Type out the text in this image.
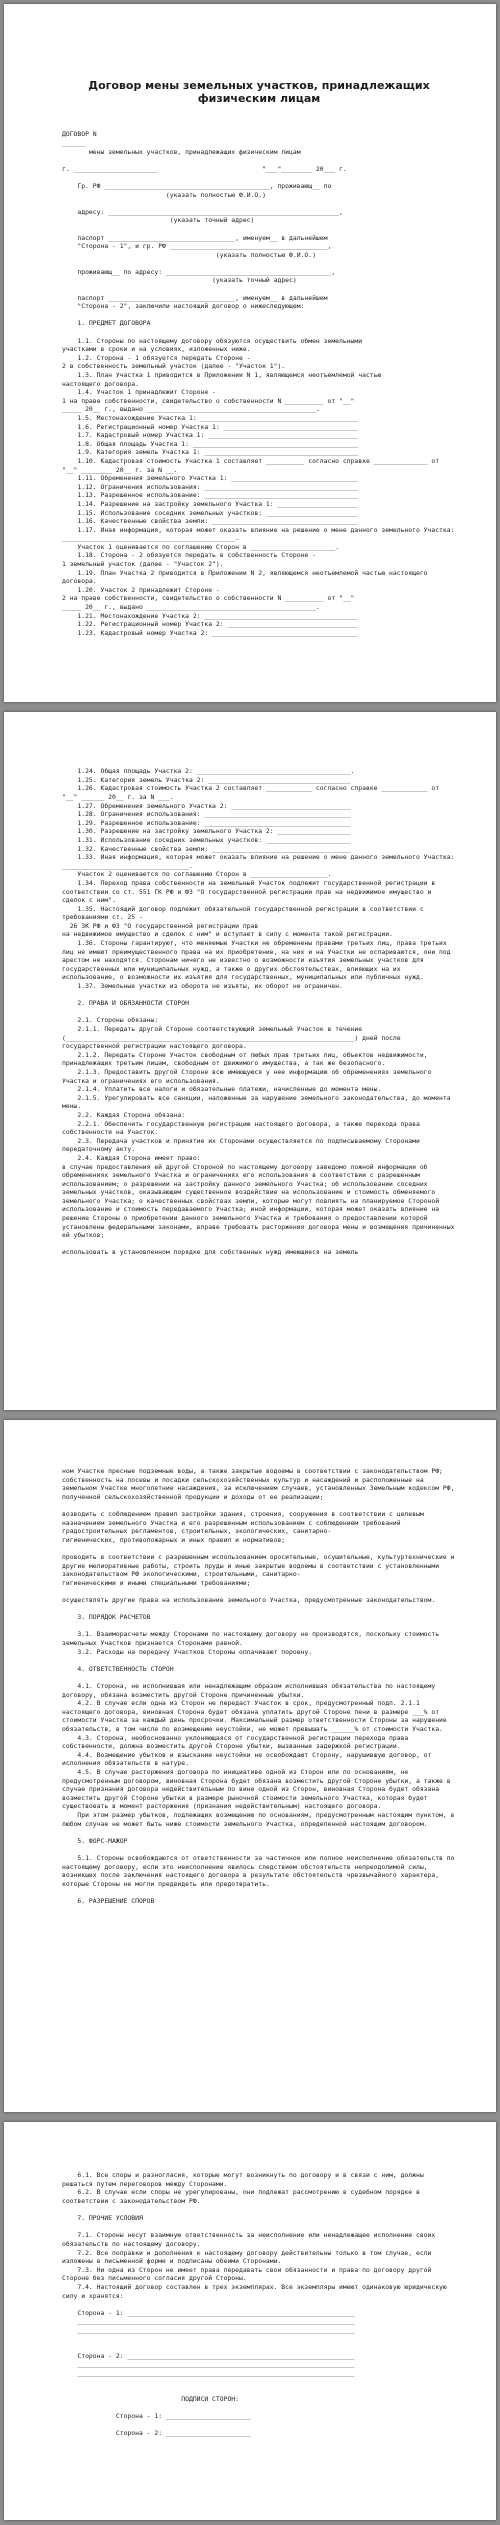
Договор мены земельных участков, принадлежащих физическим лицам

ДОГОВОР N
______
мены земельных участков, принадлежащих физическим лицам
г. ______________________                           "___"________ 20___ г.
Гр. РФ ___________________________________________, проживающ__ по
(указать полностью Ф.И.О.)
адресу: ____________________________________________________________,
(указать точный адрес)
паспорт _________________________________, именуем__ в дальнейшем
"Сторона - 1", и гр. РФ _________________________________________,
(указать полностью Ф.И.О.)
проживающ__ по адресу: ___________________________________________,
(указать точный адрес)
паспорт _________________________________, именуем__ в дальнейшем
"Сторона - 2", заключили настоящий договор о нижеследующем:
1. ПРЕДМЕТ ДОГОВОРА
1.1. Стороны по настоящему договору обязуются осуществить обмен земельными
участками в сроки и на условиях, изложенных ниже.
1.2. Сторона - 1 обязуется передать Стороне -
2 в собственность земельный участок (далее - "Участок 1").
1.3. План Участка 1 приводится в Приложении N 1, являющемся неотъемлемой частью
настоящего договора.
1.4. Участок 1 принадлежит Стороне -
1 на праве собственности, свидетельство о собственности N __________ от "__"
_____ 20__ г., выдано ____________________________________________.
1.5. Местонахождение Участка 1: _________________________________________
1.6. Регистрационный номер Участка 1: ___________________________________
1.7. Кадастровый номер Участка 1: _______________________________________
1.8. Общая площадь Участка 1: ___________________________________________
1.9. Категория земель Участка 1: ________________________________________
1.10. Кадастровая стоимость Участка 1 составляет __________ согласно справке ______________ от "__" ________ 20__ г. за N __.
1.11. Обременения земельного Участка 1: _________________________________
1.12. Ограничения использования: ________________________________________
1.13. Разрешенное использование: ________________________________________
1.14. Разрешение на застройку земельного Участка 1: _____________________
1.15. Использование соседних земельных участков: ________________________
1.16. Качественные свойства земли: ______________________________________
1.17. Иная информация, которая может оказать влияние на решение о мене данного земельного Участка: _____________________________________________.
Участок 1 оценивается по соглашению Сторон в ______________________.
1.18. Сторона - 2 обязуется передать в собственность Стороне -
1 земельный участок (далее - "Участок 2").
1.19. План Участка 2 приводится в Приложении N 2, являющемся неотъемлемой частью настоящего договора.
1.20. Участок 2 принадлежит Стороне -
2 на праве собственности, свидетельство о собственности N __________ от "__"
_____ 20__ г., выдано ____________________________________________.
1.21. Местонахождение Участка 2: ________________________________________
1.22. Регистрационный номер Участка 2: __________________________________
1.23. Кадастровый номер Участка 2: ______________________________________

1.24. Общая площадь Участка 2: ________________________________________.
1.25. Категория земель Участка 2: _____________________________________
1.26. Кадастровая стоимость Участка 2 составляет ____________ согласно справке ____________ от "__" ______ 20__ г. за N ___.
1.27. Обременения земельного Участка 2: _______________________________
1.28. Ограничения использования: ______________________________________
1.29. Разрешенное использование: ______________________________________
1.30. Разрешение на застройку земельного Участка 2: ___________________
1.31. Использование соседних земельных участков: ______________________
1.32. Качественные свойства земли: ____________________________________
1.33. Иная информация, которая может оказать влияние на решение о мене данного земельного Участка: _________________________________.
Участок 2 оценивается по соглашению Сторон в ____________________.
1.34. Переход права собственности на земельный Участок подлежит государственной регистрации в соответствии со ст. 551 ГК РФ и ФЗ "О государственной регистрации прав на недвижимое имущество и сделок с ним".
1.35. Настоящий договор подлежит обязательной государственной регистрации в соответствии с требованиями ст. 25 -
26 ЗК РФ и ФЗ "О государственной регистрации прав
на недвижимое имущество и сделок с ним" и вступает в силу с момента такой регистрации.
1.36. Стороны гарантируют, что меняемые Участки не обременены правами третьих лиц, права третьих лиц не имеют преимущественного права на их приобретение, на них и на Участки не оспариваются, они под арестом не находятся. Сторонам ничего не известно о возможности изъятия земельных участков для государственных или муниципальных нужд, а также о других обстоятельствах, влияющих на их использование, о возможности их изъятия для государственных, муниципальных или публичных нужд.
1.37. Земельные участки из оборота не изъяты, их оборот не ограничен.
2. ПРАВА И ОБЯЗАННОСТИ СТОРОН
2.1. Стороны обязаны:
2.1.1. Передать другой Стороне соответствующий земельный Участок в течение (___________________________________________________________________________) дней после государственной регистрации настоящего договора.
2.1.2. Передать Стороне Участок свободным от любых прав третьих лиц, объектов недвижимости, принадлежащих третьим лицам, свободным от движимого имущества, а так же безопасного.
2.1.3. Предоставить другой Стороне всю имеющуюся у нее информацию об обременениях земельного Участка и ограничениях его использования.
2.1.4. Уплатить все налоги и обязательные платежи, начисленные до момента мены.
2.1.5. Урегулировать все санкции, наложенные за нарушение земельного законодательства, до момента мены.
2.2. Каждая Сторона обязана:
2.2.1. Обеспечить государственную регистрацию настоящего договора, а также перехода права собственности на Участок.
2.3. Передача участков и принятие их Сторонами осуществляется по подписываемому Сторонами передаточному акту.
2.4. Каждая Сторона имеет право:
в случае предоставления ей другой Стороной по настоящему договору заведомо ложной информации об обременениях земельного Участка и ограничениях его использования в соответствии с разрешенным использованием; о разрешении на застройку данного земельного Участка; об использовании соседних земельных участков, оказывающем существенное воздействие на использование и стоимость обменяемого земельного Участка; о качественных свойствах земли, которые могут повлиять на планируемое Стороной использование и стоимость передаваемого Участка; иной информации, которая может оказать влияние на решение Стороны о приобретении данного земельного Участка и требования о предоставлении которой установлены федеральными законами, вправе требовать расторжения договора мены и возмещения причиненных ей убытков;
использовать в установленном порядке для собственных нужд имеющиеся на земель

ном Участке пресные подземные воды, а также закрытые водоемы в соответствии с законодательством РФ;
собственность на посевы и посадки сельскохозяйственных культур и насаждений и расположенные на земельном Участке многолетние насаждения, за исключением случаев, установленных Земельным кодексом РФ, полученной сельскохозяйственной продукции и доходы от ее реализации;
возводить с соблюдением правил застройки здания, строения, сооружения в соответствии с целевым назначением земельного Участка и его разрешенным использованием с соблюдением требований градостроительных регламентов, строительных, экологических, санитарно-
гигиенических, противопожарных и иных правил и нормативов;
проводить в соответствии с разрешенным использованием оросительные, осушительные, культуртехнические и другие мелиоративные работы, строить пруды и иные закрытые водоемы в соответствии с установленными законодательством РФ экологическими, строительными, санитарно-
гигиеническими и иными специальными требованиями;
осуществлять другие права на использование земельного Участка, предусмотренные законодательством.
3. ПОРЯДОК РАСЧЕТОВ
3.1. Взаиморасчеты между Сторонами по настоящему договору не производятся, поскольку стоимость земельных Участков признается Сторонами равной.
3.2. Расходы на передачу Участков Стороны оплачивают поровну.
4. ОТВЕТСТВЕННОСТЬ СТОРОН
4.1. Сторона, не исполнившая или ненадлежащим образом исполнившая обязательства по настоящему договору, обязана возместить другой Стороне причиненные убытки.
4.2. В случае если одна из Сторон не передаст Участок в срок, предусмотренный подп. 2.1.1 настоящего договора, виновная Сторона будет обязана уплатить другой Стороне пени в размере ___% от стоимости Участка за каждый день просрочки. Максимальный размер ответственности Стороны за нарушение обязательств, в том числе по возмещению неустойки, не может превышать ______% от стоимости Участка.
4.3. Сторона, необоснованно уклоняющаяся от государственной регистрации перехода права собственности, должна возместить другой Стороне убытки, вызванные задержкой регистрации.
4.4. Возмещение убытков и взыскание неустойки не освобождают Сторону, нарушившую договор, от исполнения обязательств в натуре.
4.5. В случае расторжения договора по инициативе одной из Сторон или по основаниям, не предусмотренным договором, виновная Сторона будет обязана возместить другой Стороне убытки, а также в случае признания договора недействительным по вине одной из Сторон, виновная Сторона будет обязана возместить другой Стороне убытки в размере рыночной стоимости земельного Участка, которая будет существовать в момент расторжения (признания недействительным) настоящего договора.
При этом размер убытков, подлежащих возмещению по основаниям, предусмотренным настоящим пунктом, в любом случае не может быть ниже стоимости земельного Участка, определенной настоящим договором.
5. ФОРС-МАЖОР
5.1. Стороны освобождаются от ответственности за частичное или полное неисполнение обязательств по настоящему договору, если это неисполнение явилось следствием обстоятельств непреодолимой силы, возникших после заключения настоящего договора в результате обстоятельств чрезвычайного характера, которые Стороны не могли предвидеть или предотвратить.
6. РАЗРЕШЕНИЕ СПОРОВ

6.1. Все споры и разногласия, которые могут возникнуть по договору и в связи с ним, должны решаться путем переговоров между Сторонами.
6.2. В случае если споры не урегулированы, они подлежат рассмотрению в судебном порядке в соответствии с законодательством РФ.
7. ПРОЧИЕ УСЛОВИЯ
7.1. Стороны несут взаимную ответственность за неисполнение или ненадлежащее исполнение своих обязательств по настоящему договору.
7.2. Все поправки и дополнения к настоящему договору действительны только в том случае, если изложены в письменной форме и подписаны обеими Сторонами.
7.3. Ни одна из Сторон не имеет права передавать свои обязанности и права по договору другой Стороне без письменного согласия другой Стороны.
7.4. Настоящий договор составлен в трех экземплярах. Все экземпляры имеют одинаковую юридическую силу и хранятся:
Сторона - 1: ___________________________________________________________
________________________________________________________________________
________________________________________________________________________
Сторона - 2: ___________________________________________________________
________________________________________________________________________
________________________________________________________________________
ПОДПИСИ СТОРОН:
Сторона - 1: ______________________
Сторона - 2: ______________________
